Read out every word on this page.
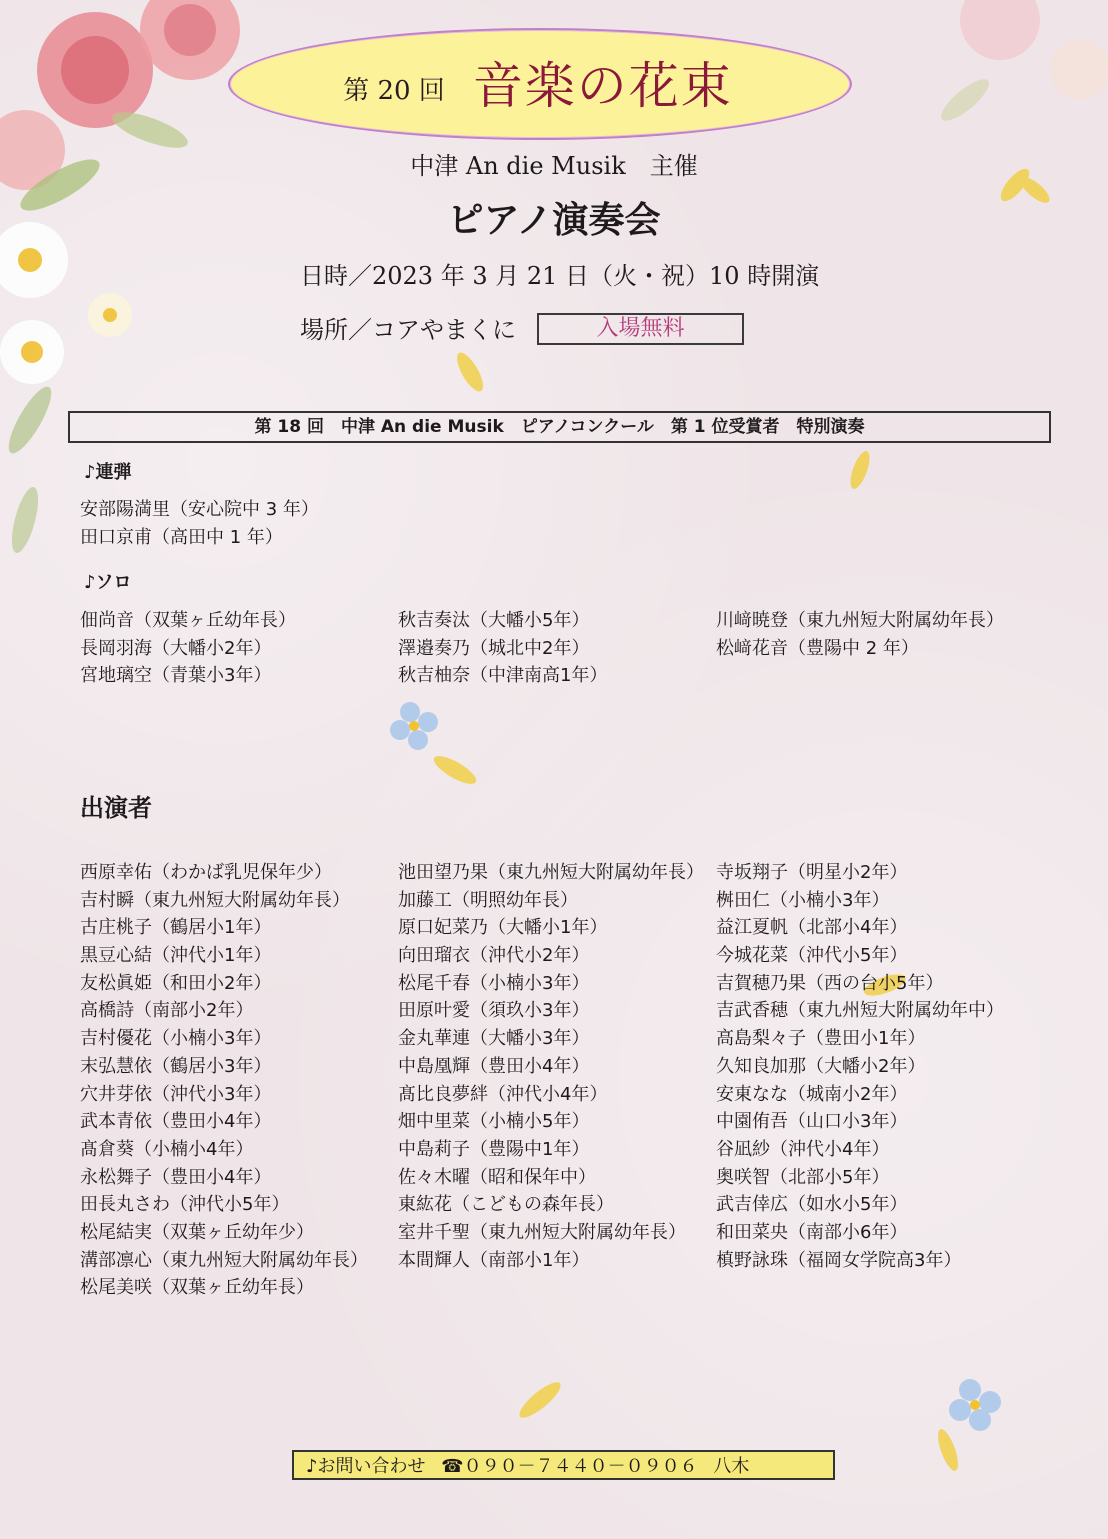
第 20 回 音楽の花束
中津 An die Musik　主催
ピアノ演奏会
日時／2023 年 3 月 21 日（火・祝）10 時開演
場所／コアやまくに	入場無料
第 18 回　中津 An die Musik　ピアノコンクール　第 1 位受賞者　特別演奏
♪連弾
安部陽満里（安心院中 3 年）
田口京甫（高田中 1 年）
♪ソロ
佃尚音（双葉ヶ丘幼年長）
長岡羽海（大幡小2年）
宮地璃空（青葉小3年）
秋吉奏汰（大幡小5年）
澤邉奏乃（城北中2年）
秋吉柚奈（中津南高1年）
川﨑暁登（東九州短大附属幼年長）
松﨑花音（豊陽中 2 年）
出演者
西原幸佑（わかば乳児保年少）
吉村瞬（東九州短大附属幼年長）
古庄桃子（鶴居小1年）
黒豆心結（沖代小1年）
友松眞姫（和田小2年）
高橋詩（南部小2年）
吉村優花（小楠小3年）
末弘慧依（鶴居小3年）
穴井芽依（沖代小3年）
武本青依（豊田小4年）
髙倉葵（小楠小4年）
永松舞子（豊田小4年）
田長丸さわ（沖代小5年）
松尾結実（双葉ヶ丘幼年少）
溝部凛心（東九州短大附属幼年長）
松尾美咲（双葉ヶ丘幼年長）
池田望乃果（東九州短大附属幼年長）
加藤工（明照幼年長）
原口妃菜乃（大幡小1年）
向田瑠衣（沖代小2年）
松尾千春（小楠小3年）
田原叶愛（須玖小3年）
金丸華連（大幡小3年）
中島凰輝（豊田小4年）
髙比良夢絆（沖代小4年）
畑中里菜（小楠小5年）
中島莉子（豊陽中1年）
佐々木曜（昭和保年中）
東紘花（こどもの森年長）
室井千聖（東九州短大附属幼年長）
本間輝人（南部小1年）
寺坂翔子（明星小2年）
桝田仁（小楠小3年）
益江夏帆（北部小4年）
今城花菜（沖代小5年）
吉賀穂乃果（西の台小5年）
吉武香穂（東九州短大附属幼年中）
高島梨々子（豊田小1年）
久知良加那（大幡小2年）
安東なな（城南小2年）
中園侑吾（山口小3年）
谷凪紗（沖代小4年）
奥咲智（北部小5年）
武吉倖広（如水小5年）
和田菜央（南部小6年）
槙野詠珠（福岡女学院高3年）
♪お問い合わせ ☎０９０－７４４０－０９０６ 八木
